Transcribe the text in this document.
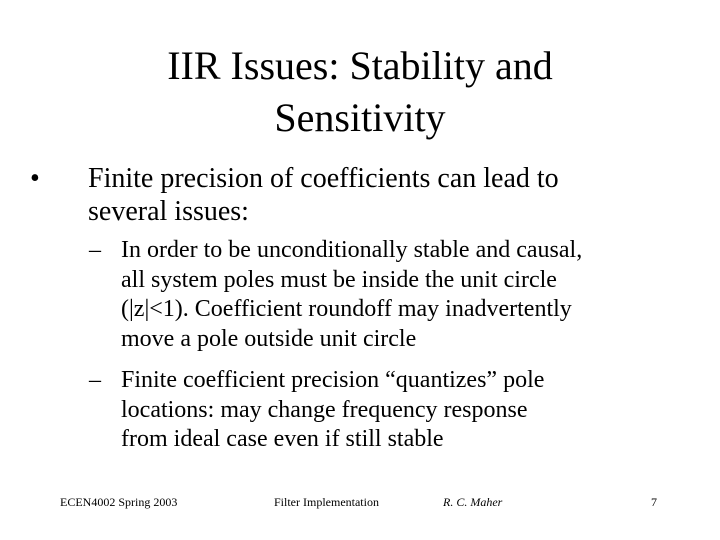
IIR Issues: Stability and
Sensitivity
• Finite precision of coefficients can lead to
several issues:
– In order to be unconditionally stable and causal,
all system poles must be inside the unit circle
(|z|<1). Coefficient roundoff may inadvertently
move a pole outside unit circle
– Finite coefficient precision “quantizes” pole
locations: may change frequency response
from ideal case even if still stable
ECEN4002 Spring 2003	Filter Implementation	R. C. Maher	7
